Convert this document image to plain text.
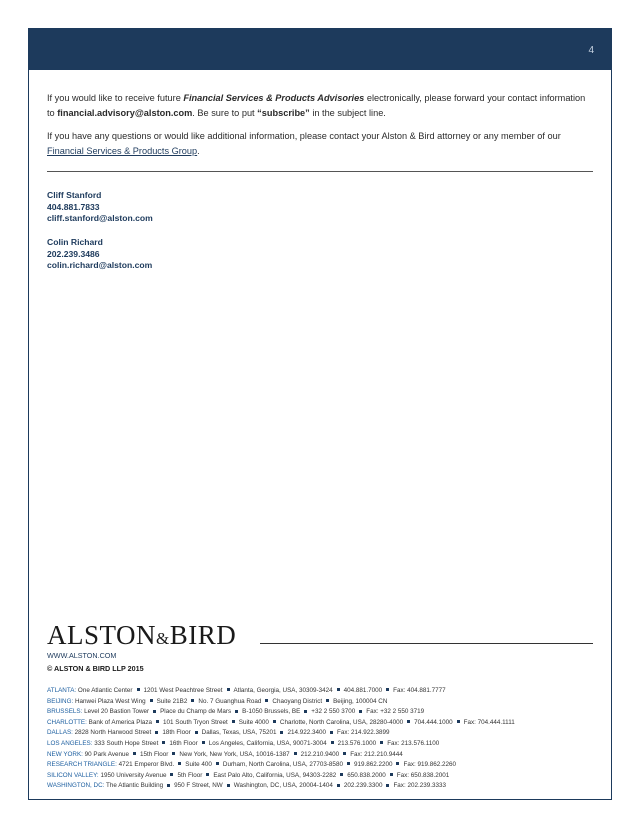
4

If you would like to receive future Financial Services & Products Advisories electronically, please forward your contact information
to financial.advisory@alston.com. Be sure to put “subscribe” in the subject line.

If you have any questions or would like additional information, please contact your Alston & Bird attorney or any member of our
Financial Services & Products Group.

Cliff Stanford
404.881.7833
cliff.stanford@alston.com
Colin Richard
202.239.3486
colin.richard@alston.com
ALSTON&BIRD
WWW.ALSTON.COM
© ALSTON & BIRD LLP 2015
ATLANTA: One Atlantic Center 1201 West Peachtree Street Atlanta, Georgia, USA, 30309-3424 404.881.7000 Fax: 404.881.7777
BEIJING: Hanwei Plaza West Wing Suite 21B2 No. 7 Guanghua Road Chaoyang District Beijing, 100004 CN
BRUSSELS: Level 20 Bastion Tower Place du Champ de Mars B-1050 Brussels, BE +32 2 550 3700 Fax: +32 2 550 3719
CHARLOTTE: Bank of America Plaza 101 South Tryon Street Suite 4000 Charlotte, North Carolina, USA, 28280-4000 704.444.1000 Fax: 704.444.1111
DALLAS: 2828 North Harwood Street 18th Floor Dallas, Texas, USA, 75201 214.922.3400 Fax: 214.922.3899
LOS ANGELES: 333 South Hope Street 16th Floor Los Angeles, California, USA, 90071-3004 213.576.1000 Fax: 213.576.1100
NEW YORK: 90 Park Avenue 15th Floor New York, New York, USA, 10016-1387 212.210.9400 Fax: 212.210.9444
RESEARCH TRIANGLE: 4721 Emperor Blvd. Suite 400 Durham, North Carolina, USA, 27703-8580 919.862.2200 Fax: 919.862.2260
SILICON VALLEY: 1950 University Avenue 5th Floor East Palo Alto, California, USA, 94303-2282 650.838.2000 Fax: 650.838.2001
WASHINGTON, DC: The Atlantic Building 950 F Street, NW Washington, DC, USA, 20004-1404 202.239.3300 Fax: 202.239.3333
